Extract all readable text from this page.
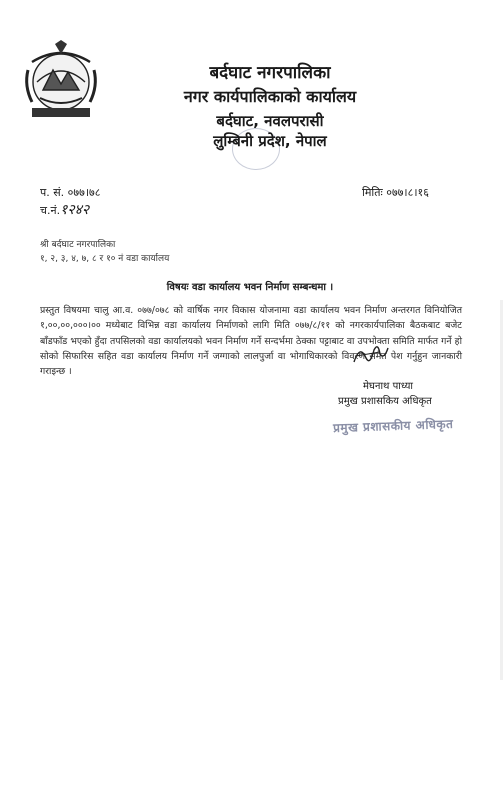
बर्दघाट नगरपालिका
नगर कार्यपालिकाको कार्यालय
बर्दघाट, नवलपरासी
लुम्बिनी प्रदेश, नेपाल
प. सं. ०७७।७८
च.नं.१२४२
मितिः ०७७।८।१६
श्री बर्दघाट नगरपालिका
१, २, ३, ४, ७, ८ र १० नं वडा कार्यालय
विषयः वडा कार्यालय भवन निर्माण सम्बन्धमा ।
प्रस्तुत विषयमा चालु आ.व. ०७७/०७८ को वार्षिक नगर विकास योजनामा वडा कार्यालय भवन निर्माण अन्तरगत विनियोजित १,००,००,०००।०० मध्येबाट विभिन्न वडा कार्यालय निर्माणको लागि मिति ०७७/८/११ को नगरकार्यपालिका बैठकबाट बजेट बाँडफाँड भएको हुँदा तपसिलको वडा कार्यालयको भवन निर्माण गर्ने सन्दर्भमा ठेक्का पट्टाबाट वा उपभोक्ता समिति मार्फत गर्ने हो सोको सिफारिस सहित वडा कार्यालय निर्माण गर्ने जग्गाको लालपुर्जा वा भोगाधिकारको विवरण समेत पेश गर्नुहुन जानकारी गराइन्छ ।
मेघनाथ पाध्या
प्रमुख प्रशासकिय अधिकृत
प्रमुख प्रशासकीय अधिकृत
